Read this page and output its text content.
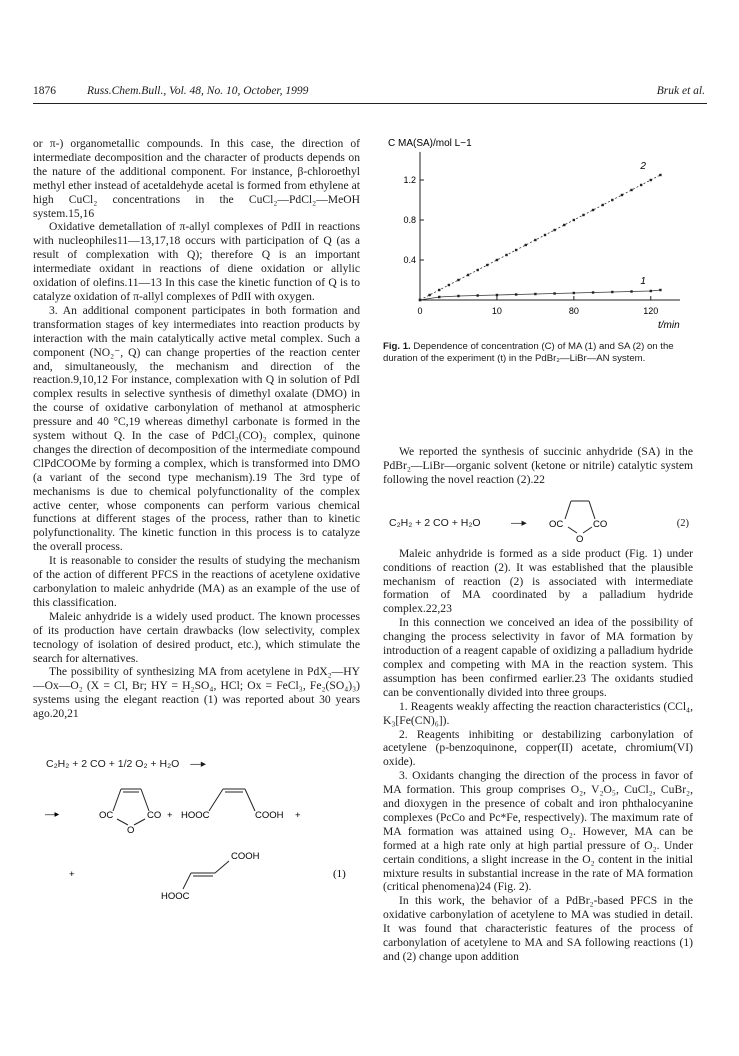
1876	Russ.Chem.Bull., Vol. 48, No. 10, October, 1999	Bruk et al.

or π-) organometallic compounds. In this case, the direction of intermediate decomposition and the character of products depends on the nature of the additional component. For instance, β-chloroethyl methyl ether instead of acetaldehyde acetal is formed from ethylene at high CuCl₂ concentrations in the CuCl₂—PdCl₂—MeOH system.15,16

Oxidative demetallation of π-allyl complexes of PdII in reactions with nucleophiles11—13,17,18 occurs with participation of Q (as a result of complexation with Q); therefore Q is an important intermediate oxidant in reactions of diene oxidation or allylic oxidation of olefins.11—13 In this case the kinetic function of Q is to catalyze oxidation of π-allyl complexes of PdII with oxygen.

3. An additional component participates in both formation and transformation stages of key intermediates into reaction products by interaction with the main catalytically active metal complex. Such a component (NO₂⁻, Q) can change properties of the reaction center and, simultaneously, the mechanism and direction of the reaction.9,10,12 For instance, complexation with Q in solution of PdI complex results in selective synthesis of dimethyl oxalate (DMO) in the course of oxidative carbonylation of methanol at atmospheric pressure and 40 °C,19 whereas dimethyl carbonate is formed in the system without Q. In the case of PdCl₂(CO)₂ complex, quinone changes the direction of decomposition of the intermediate compound ClPdCOOMe by forming a complex, which is transformed into DMO (a variant of the second type mechanism).19 The 3rd type of mechanisms is due to chemical polyfunctionality of the complex active center, whose components can perform various chemical functions at different stages of the process, rather than to kinetic polyfunctionality. The kinetic function in this process is to catalyze the overall process.

It is reasonable to consider the results of studying the mechanism of the action of different PFCS in the reactions of acetylene oxidative carbonylation to maleic anhydride (MA) as an example of the use of this classification.

Maleic anhydride is a widely used product. The known processes of its production have certain drawbacks (low selectivity, complex tecnology of isolation of desired product, etc.), which stimulate the search for alternatives.

The possibility of synthesizing MA from acetylene in PdX₂—HY—Ox—O₂ (X = Cl, Br; HY = H₂SO₄, HCl; Ox = FeCl₃, Fe₂(SO₄)₃) systems using the elegant reaction (1) was reported about 30 years ago.20,21

C₂H₂ + 2 CO + 1/2 O₂ + H₂O —▸
—▸	OC	CO
O
+ HOOC	COOH +
+
COOH
HOOC
(1)
C MA(SA)/mol L−1
0.4
0.8
1.2
0	10	80	120
2
1
t/min
Fig. 1. Dependence of concentration (C) of MA (1) and SA (2) on the duration of the experiment (t) in the PdBr₂—LiBr—AN system.

We reported the synthesis of succinic anhydride (SA) in the PdBr₂—LiBr—organic solvent (ketone or nitrile) catalytic system following the novel reaction (2).22

C₂H₂ + 2 CO + H₂O	—▸ OC	CO
O
(2)

Maleic anhydride is formed as a side product (Fig. 1) under conditions of reaction (2). It was established that the plausible mechanism of reaction (2) is associated with intermediate formation of MA coordinated by a palladium hydride complex.22,23

In this connection we conceived an idea of the possibility of changing the process selectivity in favor of MA formation by introduction of a reagent capable of oxidizing a palladium hydride complex and competing with MA in the reaction system. This assumption has been confirmed earlier.23 The oxidants studied can be conventionally divided into three groups.

1. Reagents weakly affecting the reaction characteristics (CCl₄, K₃[Fe(CN)₆]).

2. Reagents inhibiting or destabilizing carbonylation of acetylene (p-benzoquinone, copper(II) acetate, chromium(VI) oxide).

3. Oxidants changing the direction of the process in favor of MA formation. This group comprises O₂, V₂O₅, CuCl₂, CuBr₂, and dioxygen in the presence of cobalt and iron phthalocyanine complexes (PcCo and Pc*Fe, respectively). The maximum rate of MA formation was attained using O₂. However, MA can be formed at a high rate only at high partial pressure of O₂. Under certain conditions, a slight increase in the O₂ content in the initial mixture results in substantial increase in the rate of MA formation (critical phenomena)24 (Fig. 2).

In this work, the behavior of a PdBr₂-based PFCS in the oxidative carbonylation of acetylene to MA was studied in detail. It was found that characteristic features of the process of carbonylation of acetylene to MA and SA following reactions (1) and (2) change upon addition
